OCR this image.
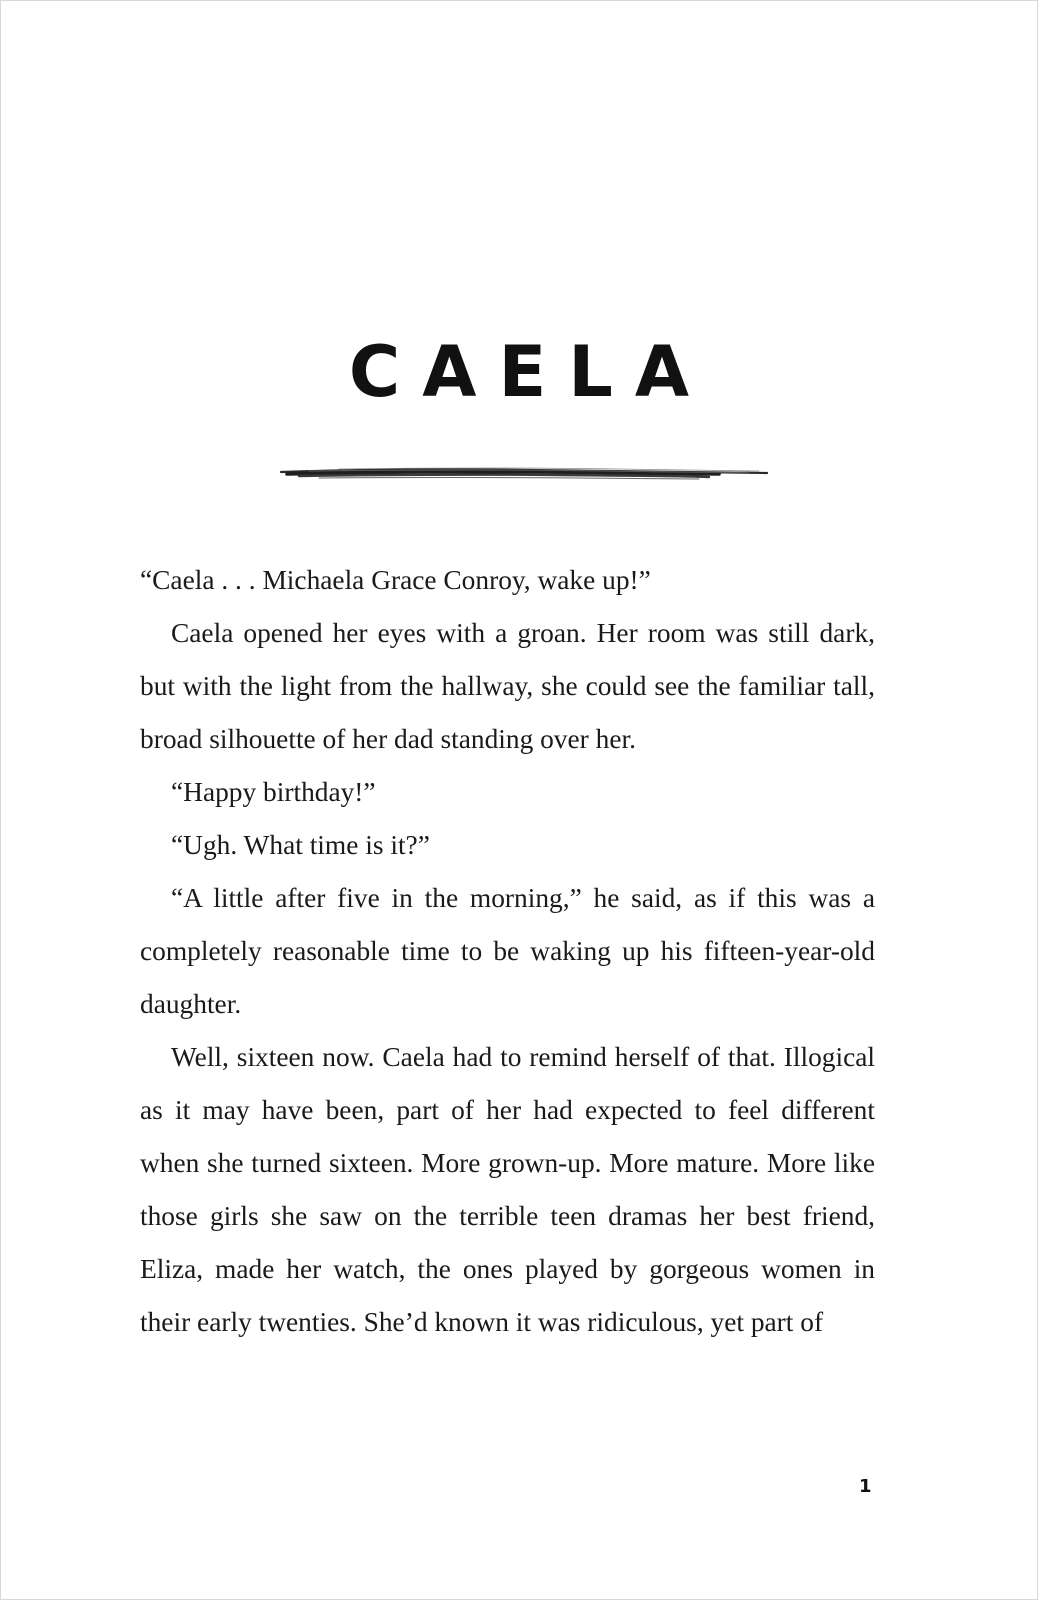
CAELA

“Caela . . . Michaela Grace Conroy, wake up!”

Caela opened her eyes with a groan. Her room was still dark, but with the light from the hallway, she could see the familiar tall, broad silhouette of her dad standing over her.

“Happy birthday!”

“Ugh. What time is it?”

“A little after five in the morning,” he said, as if this was a completely reasonable time to be waking up his fifteen-year-old daughter.

Well, sixteen now. Caela had to remind herself of that. Illogical as it may have been, part of her had expected to feel different when she turned sixteen. More grown-up. More mature. More like those girls she saw on the terrible teen dramas her best friend, Eliza, made her watch, the ones played by gorgeous women in their early twenties. She’d known it was ridiculous, yet part of

1
